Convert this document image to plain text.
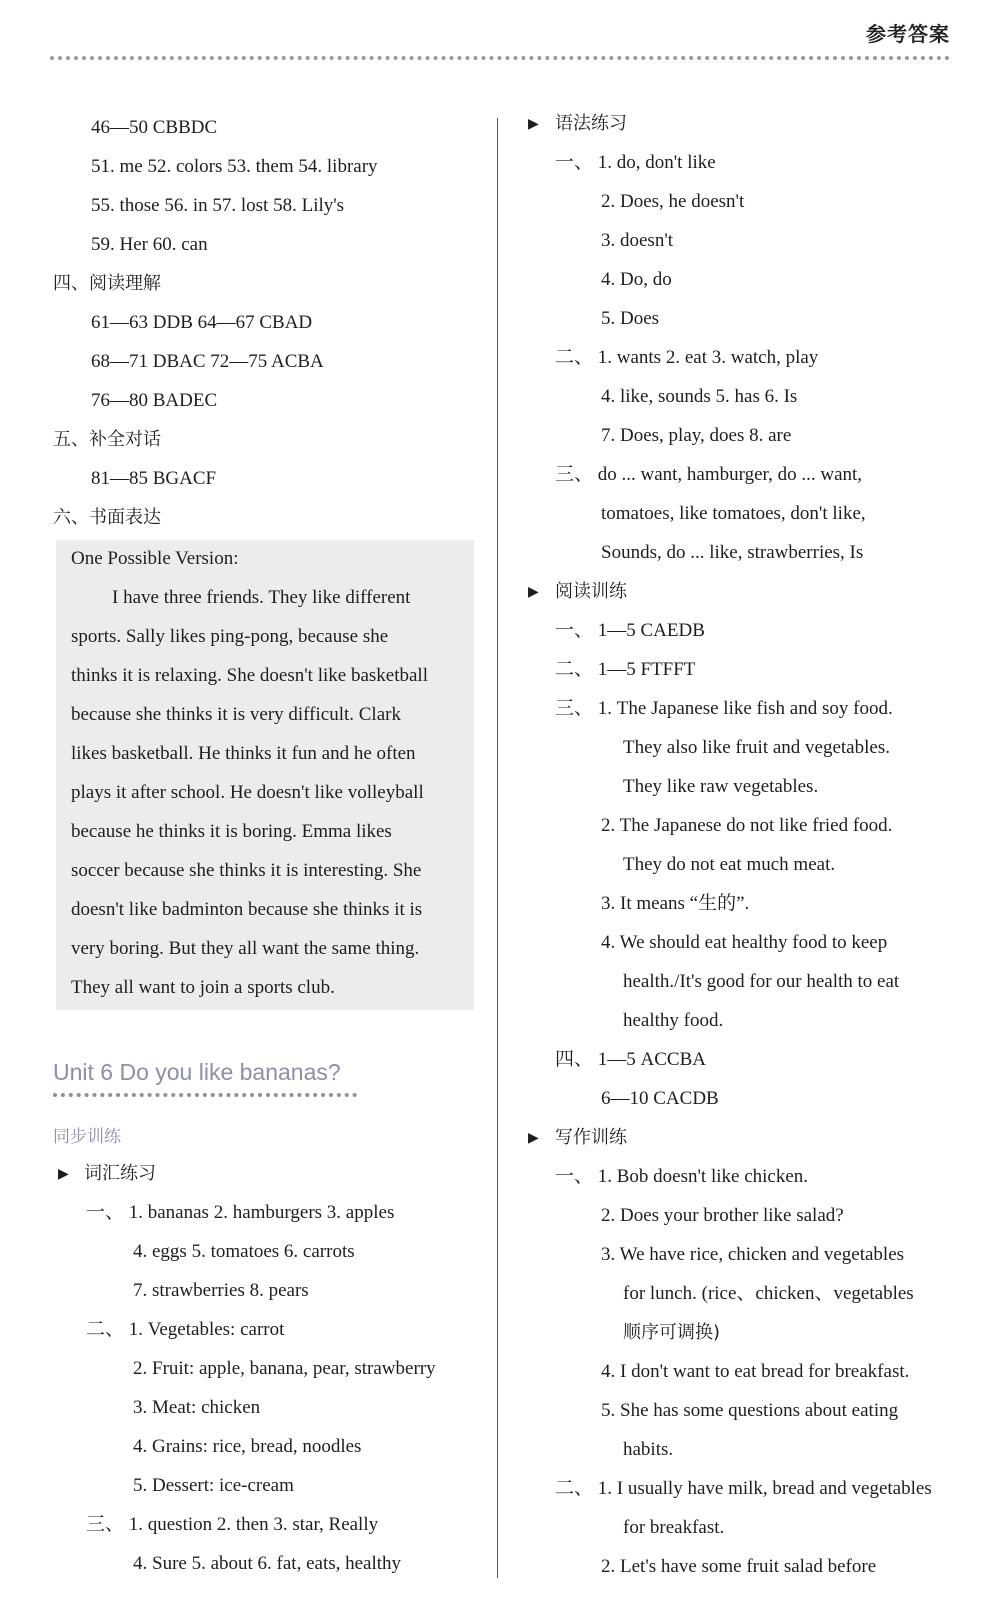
参考答案
46—50 CBBDC
51. me 52. colors 53. them 54. library
55. those 56. in 57. lost 58. Lily's
59. Her 60. can
四、阅读理解
61—63 DDB 64—67 CBAD
68—71 DBAC 72—75 ACBA
76—80 BADEC
五、补全对话
81—85 BGACF
六、书面表达
One Possible Version:
I have three friends. They like different
sports. Sally likes ping-pong, because she
thinks it is relaxing. She doesn't like basketball
because she thinks it is very difficult. Clark
likes basketball. He thinks it fun and he often
plays it after school. He doesn't like volleyball
because he thinks it is boring. Emma likes
soccer because she thinks it is interesting. She
doesn't like badminton because she thinks it is
very boring. But they all want the same thing.
They all want to join a sports club.
Unit 6 Do you like bananas?
同步训练
▶ 词汇练习
一、 1. bananas 2. hamburgers 3. apples
4. eggs 5. tomatoes 6. carrots
7. strawberries 8. pears
二、 1. Vegetables: carrot
2. Fruit: apple, banana, pear, strawberry
3. Meat: chicken
4. Grains: rice, bread, noodles
5. Dessert: ice-cream
三、 1. question 2. then 3. star, Really
4. Sure 5. about 6. fat, eats, healthy
▶ 语法练习
一、 1. do, don't like
2. Does, he doesn't
3. doesn't
4. Do, do
5. Does
二、 1. wants 2. eat 3. watch, play
4. like, sounds 5. has 6. Is
7. Does, play, does 8. are
三、 do ... want, hamburger, do ... want,
tomatoes, like tomatoes, don't like,
Sounds, do ... like, strawberries, Is
▶ 阅读训练
一、 1—5 CAEDB
二、 1—5 FTFFT
三、 1. The Japanese like fish and soy food.
They also like fruit and vegetables.
They like raw vegetables.
2. The Japanese do not like fried food.
They do not eat much meat.
3. It means “生的”.
4. We should eat healthy food to keep
health./It's good for our health to eat
healthy food.
四、 1—5 ACCBA
6—10 CACDB
▶ 写作训练
一、 1. Bob doesn't like chicken.
2. Does your brother like salad?
3. We have rice, chicken and vegetables
for lunch. (rice、chicken、vegetables
顺序可调换)
4. I don't want to eat bread for breakfast.
5. She has some questions about eating
habits.
二、 1. I usually have milk, bread and vegetables
for breakfast.
2. Let's have some fruit salad before
